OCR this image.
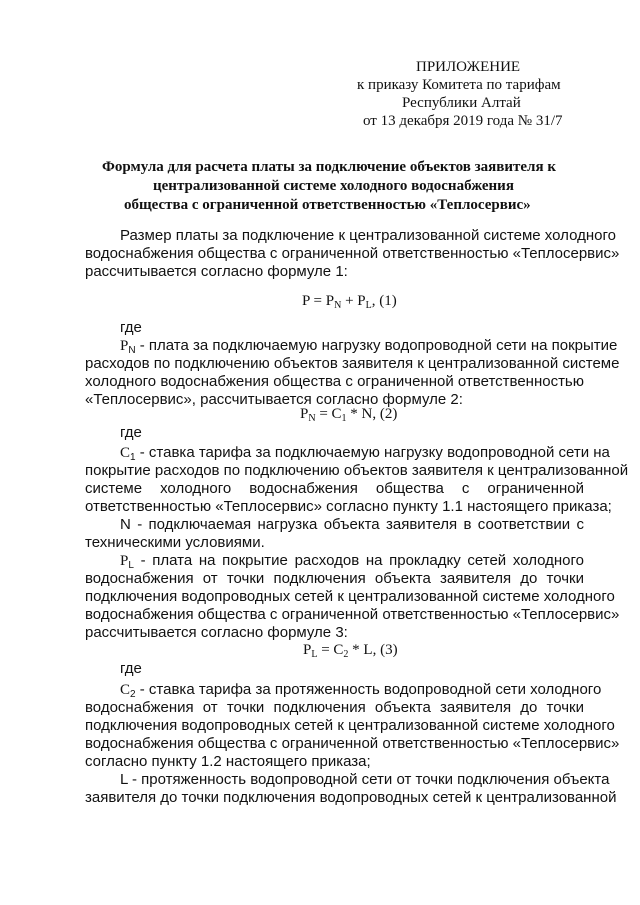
ПРИЛОЖЕНИЕ
к приказу Комитета по тарифам
Республики Алтай
от 13 декабря 2019 года № 31/7
Формула для расчета платы за подключение объектов заявителя к
централизованной системе холодного водоснабжения
общества с ограниченной ответственностью «Теплосервис»
Размер платы за подключение к централизованной системе холодного
водоснабжения общества с ограниченной ответственностью «Теплосервис»
рассчитывается согласно формуле 1:
$P = P_N + P_L$, (1)
где
$P_N$ - плата за подключаемую нагрузку водопроводной сети на покрытие
расходов по подключению объектов заявителя к централизованной системе
холодного водоснабжения общества с ограниченной ответственностью
«Теплосервис», рассчитывается согласно формуле 2:
$P_N = C_1 * N$, (2)
где
$C_1$ - ставка тарифа за подключаемую нагрузку водопроводной сети на
покрытие расходов по подключению объектов заявителя к централизованной
системе холодного водоснабжения общества с ограниченной
ответственностью «Теплосервис» согласно пункту 1.1 настоящего приказа;
N - подключаемая нагрузка объекта заявителя в соответствии с
техническими условиями.
$P_L$ - плата на покрытие расходов на прокладку сетей холодного
водоснабжения от точки подключения объекта заявителя до точки
подключения водопроводных сетей к централизованной системе холодного
водоснабжения общества с ограниченной ответственностью «Теплосервис»
рассчитывается согласно формуле 3:
$P_L = C_2 * L$, (3)
где
$C_2$ - ставка тарифа за протяженность водопроводной сети холодного
водоснабжения от точки подключения объекта заявителя до точки
подключения водопроводных сетей к централизованной системе холодного
водоснабжения общества с ограниченной ответственностью «Теплосервис»
согласно пункту 1.2 настоящего приказа;
L - протяженность водопроводной сети от точки подключения объекта
заявителя до точки подключения водопроводных сетей к централизованной
